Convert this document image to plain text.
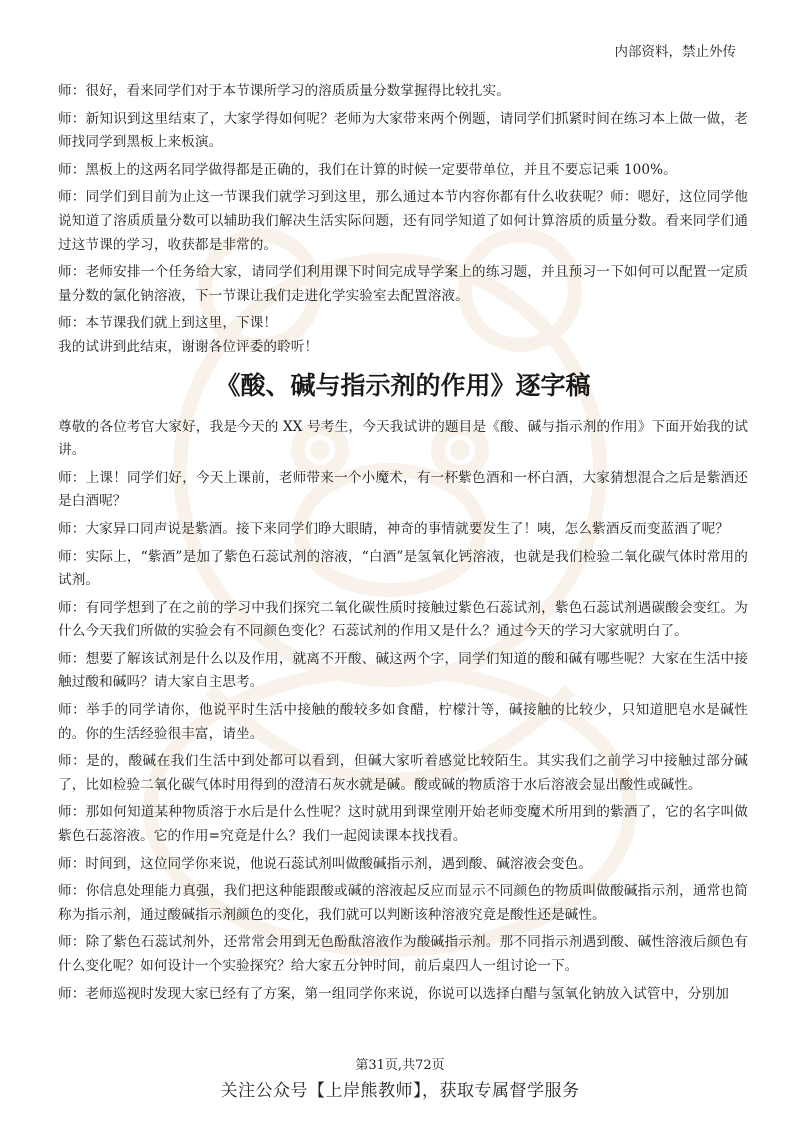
内部资料，禁止外传

师：很好，看来同学们对于本节课所学习的溶质质量分数掌握得比较扎实。

师：新知识到这里结束了，大家学得如何呢？老师为大家带来两个例题，请同学们抓紧时间在练习本上做一做，老师找同学到黑板上来板演。

师：黑板上的这两名同学做得都是正确的，我们在计算的时候一定要带单位，并且不要忘记乘 100%。

师：同学们到目前为止这一节课我们就学习到这里，那么通过本节内容你都有什么收获呢？师：嗯好，这位同学他说知道了溶质质量分数可以辅助我们解决生活实际问题，还有同学知道了如何计算溶质的质量分数。看来同学们通过这节课的学习，收获都是非常的。

师：老师安排一个任务给大家，请同学们利用课下时间完成导学案上的练习题，并且预习一下如何可以配置一定质量分数的氯化钠溶液，下一节课让我们走进化学实验室去配置溶液。

师：本节课我们就上到这里，下课！

我的试讲到此结束，谢谢各位评委的聆听！

《酸、碱与指示剂的作用》逐字稿

尊敬的各位考官大家好，我是今天的 XX 号考生，今天我试讲的题目是《酸、碱与指示剂的作用》下面开始我的试讲。

师：上课！同学们好，今天上课前，老师带来一个小魔术，有一杯紫色酒和一杯白酒，大家猜想混合之后是紫酒还是白酒呢？

师：大家异口同声说是紫酒。接下来同学们睁大眼睛，神奇的事情就要发生了！咦，怎么紫酒反而变蓝酒了呢？

师：实际上，“紫酒”是加了紫色石蕊试剂的溶液，“白酒”是氢氧化钙溶液，也就是我们检验二氧化碳气体时常用的试剂。

师：有同学想到了在之前的学习中我们探究二氧化碳性质时接触过紫色石蕊试剂，紫色石蕊试剂遇碳酸会变红。为什么今天我们所做的实验会有不同颜色变化？石蕊试剂的作用又是什么？通过今天的学习大家就明白了。

师：想要了解该试剂是什么以及作用，就离不开酸、碱这两个字，同学们知道的酸和碱有哪些呢？大家在生活中接触过酸和碱吗？请大家自主思考。

师：举手的同学请你，他说平时生活中接触的酸较多如食醋，柠檬汁等，碱接触的比较少，只知道肥皂水是碱性的。你的生活经验很丰富，请坐。

师：是的，酸碱在我们生活中到处都可以看到，但碱大家听着感觉比较陌生。其实我们之前学习中接触过部分碱了，比如检验二氧化碳气体时用得到的澄清石灰水就是碱。酸或碱的物质溶于水后溶液会显出酸性或碱性。

师：那如何知道某种物质溶于水后是什么性呢？这时就用到课堂刚开始老师变魔术所用到的紫酒了，它的名字叫做紫色石蕊溶液。它的作用=究竟是什么？我们一起阅读课本找找看。

师：时间到，这位同学你来说，他说石蕊试剂叫做酸碱指示剂，遇到酸、碱溶液会变色。

师：你信息处理能力真强，我们把这种能跟酸或碱的溶液起反应而显示不同颜色的物质叫做酸碱指示剂，通常也简称为指示剂，通过酸碱指示剂颜色的变化，我们就可以判断该种溶液究竟是酸性还是碱性。

师：除了紫色石蕊试剂外，还常常会用到无色酚酞溶液作为酸碱指示剂。那不同指示剂遇到酸、碱性溶液后颜色有什么变化呢？如何设计一个实验探究？给大家五分钟时间，前后桌四人一组讨论一下。

师：老师巡视时发现大家已经有了方案，第一组同学你来说，你说可以选择白醋与氢氧化钠放入试管中，分别加

第31页,共72页
关注公众号【上岸熊教师】，获取专属督学服务
